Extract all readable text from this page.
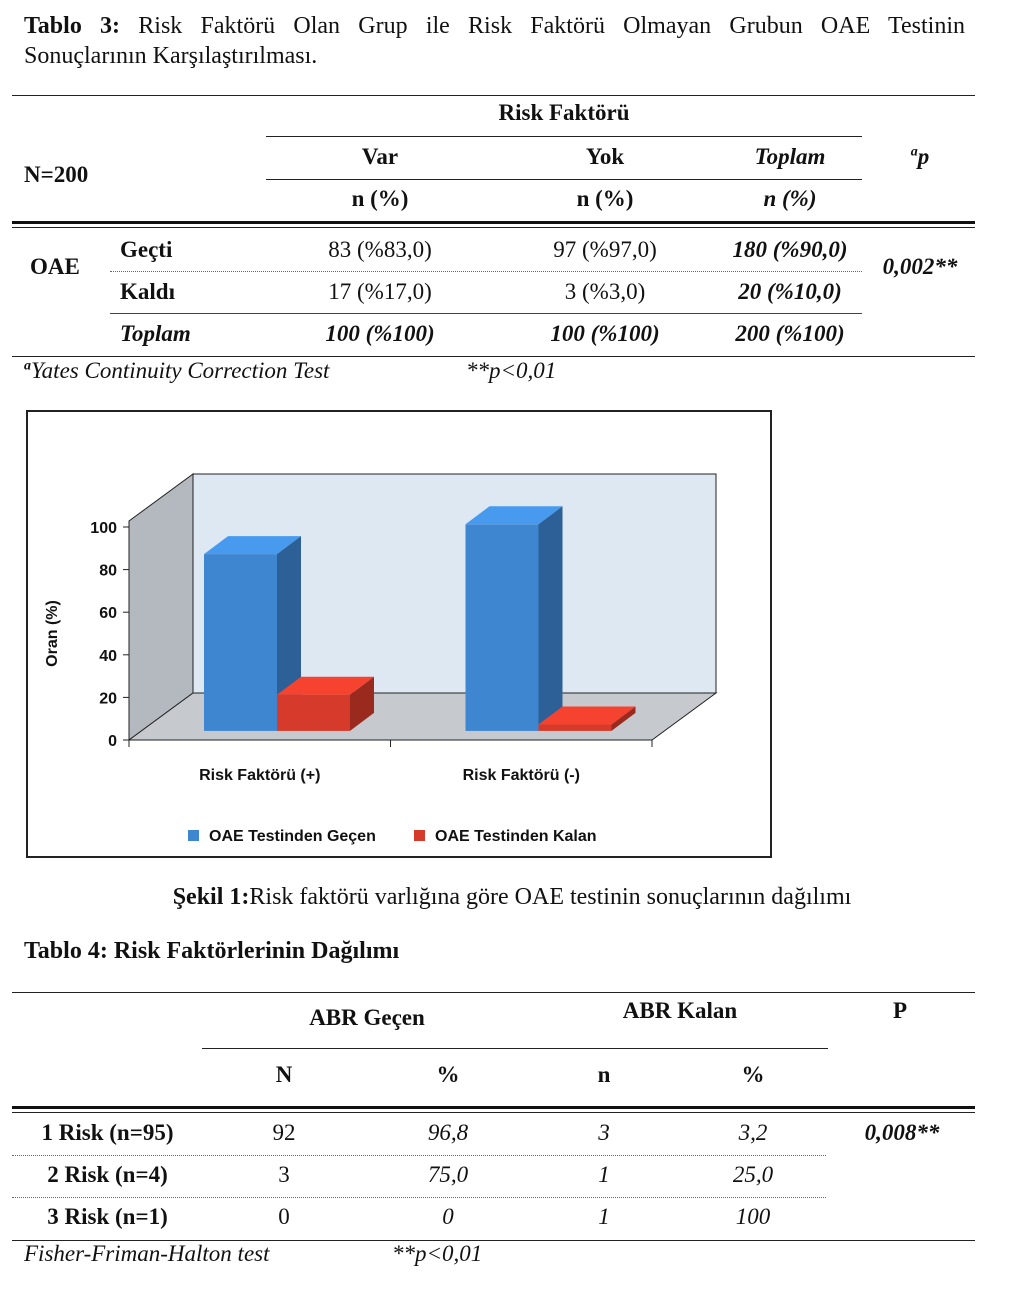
Tablo 3: Risk Faktörü Olan Grup ile Risk Faktörü Olmayan Grubun OAE Testinin
Sonuçlarının Karşılaştırılması.
Risk Faktörü
N=200
Var	Yok	Toplam	$^a$p
n (%)	n (%)	n (%)
OAE
Geçti	83 (%83,0)	97 (%97,0)	180 (%90,0)
0,002**
Kaldı	17 (%17,0)	3 (%3,0)	20 (%10,0)
Toplam	100 (%100)	100 (%100)	200 (%100)
$^a$Yates Continuity Correction Test	**p<0,01
0
20
40
60
80
100
Oran (%)
Risk Faktörü (+)	Risk Faktörü (-)
OAE Testinden Geçen	OAE Testinden Kalan
Şekil 1:Risk faktörü varlığına göre OAE testinin sonuçlarının dağılımı
Tablo 4: Risk Faktörlerinin Dağılımı
ABR Geçen	ABR Kalan	P
N	%	n	%
1 Risk (n=95)	92	96,8	3	3,2	0,008**
2 Risk (n=4)	3	75,0	1	25,0
3 Risk (n=1)	0	0	1	100
Fisher-Friman-Halton test	**p<0,01
